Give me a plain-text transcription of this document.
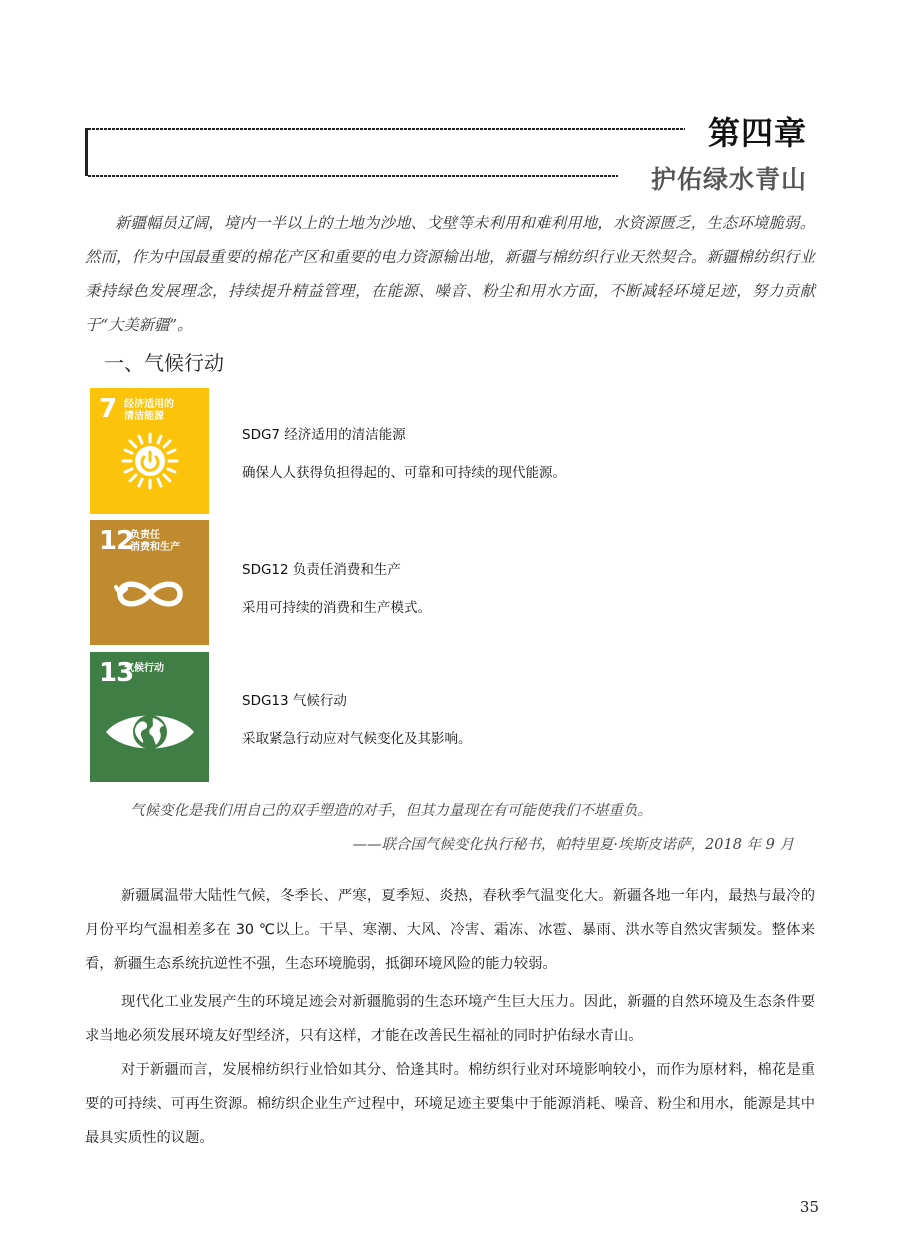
第四章
护佑绿水青山
新疆幅员辽阔，境内一半以上的土地为沙地、戈壁等未利用和难利用地，水资源匮乏，生态环境脆弱。然而，作为中国最重要的棉花产区和重要的电力资源输出地，新疆与棉纺织行业天然契合。新疆棉纺织行业秉持绿色发展理念，持续提升精益管理，在能源、噪音、粉尘和用水方面，不断减轻环境足迹，努力贡献于“大美新疆”。
一、气候行动
7 经济适用的
清洁能源
SDG7 经济适用的清洁能源
确保人人获得负担得起的、可靠和可持续的现代能源。
12
负责任
消费和生产
SDG12 负责任消费和生产
采用可持续的消费和生产模式。
13
气候行动
SDG13 气候行动
采取紧急行动应对气候变化及其影响。
气候变化是我们用自己的双手塑造的对手，但其力量现在有可能使我们不堪重负。
——联合国气候变化执行秘书，帕特里夏·埃斯皮诺萨，2018 年 9 月
新疆属温带大陆性气候，冬季长、严寒，夏季短、炎热，春秋季气温变化大。新疆各地一年内，最热与最冷的月份平均气温相差多在 30 ℃以上。干旱、寒潮、大风、冷害、霜冻、冰雹、暴雨、洪水等自然灾害频发。整体来看，新疆生态系统抗逆性不强，生态环境脆弱，抵御环境风险的能力较弱。
现代化工业发展产生的环境足迹会对新疆脆弱的生态环境产生巨大压力。因此，新疆的自然环境及生态条件要求当地必须发展环境友好型经济，只有这样，才能在改善民生福祉的同时护佑绿水青山。
对于新疆而言，发展棉纺织行业恰如其分、恰逢其时。棉纺织行业对环境影响较小，而作为原材料，棉花是重要的可持续、可再生资源。棉纺织企业生产过程中，环境足迹主要集中于能源消耗、噪音、粉尘和用水，能源是其中最具实质性的议题。
35
